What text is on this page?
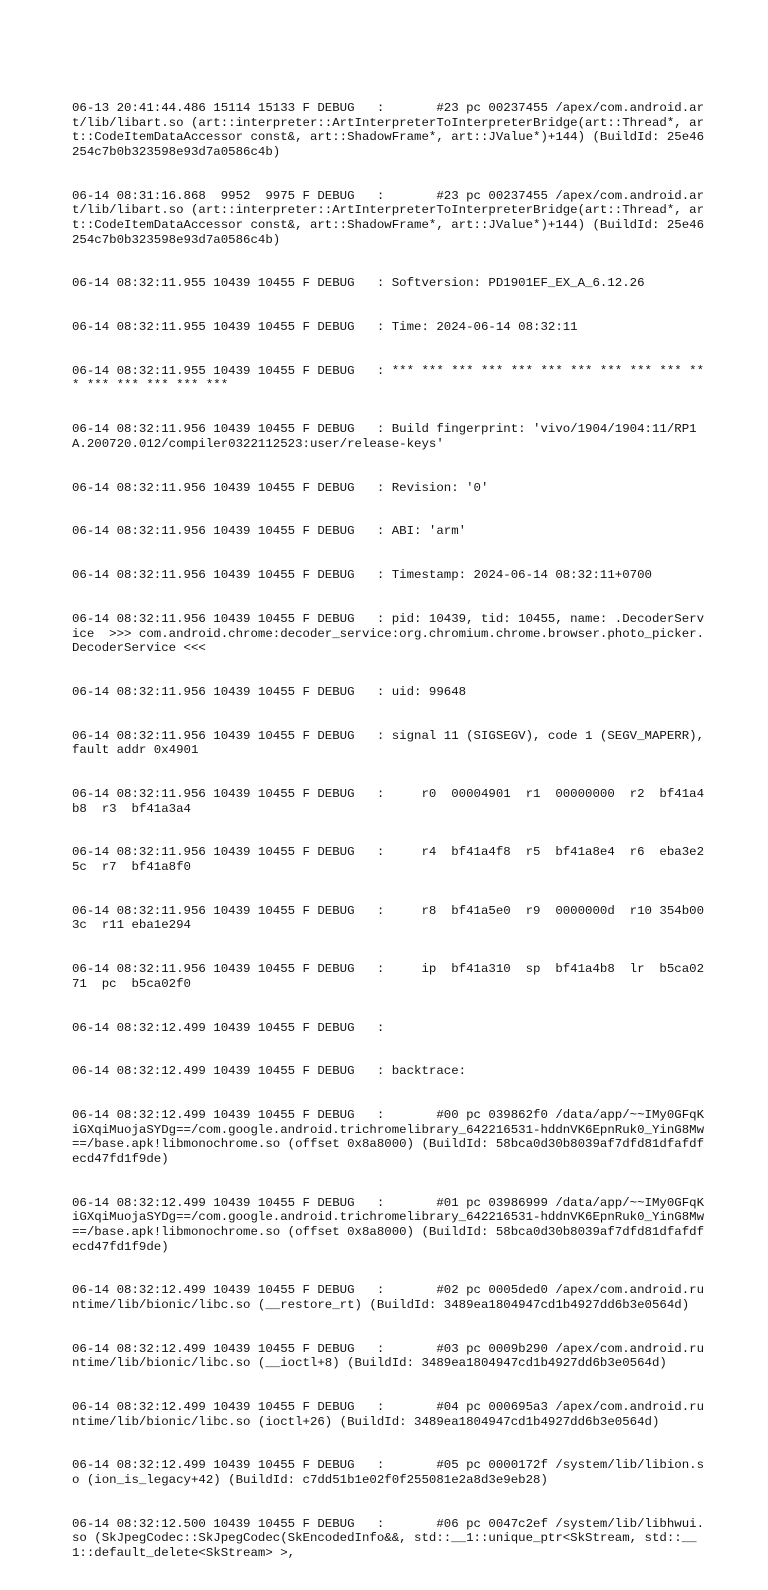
06-13 20:41:44.486 15114 15133 F DEBUG   :       #23 pc 00237455 /apex/com.android.art/lib/libart.so (art::interpreter::ArtInterpreterToInterpreterBridge(art::Thread*, art::CodeItemDataAccessor const&, art::ShadowFrame*, art::JValue*)+144) (BuildId: 25e46254c7b0b323598e93d7a0586c4b)

06-14 08:31:16.868  9952  9975 F DEBUG   :       #23 pc 00237455 /apex/com.android.art/lib/libart.so (art::interpreter::ArtInterpreterToInterpreterBridge(art::Thread*, art::CodeItemDataAccessor const&, art::ShadowFrame*, art::JValue*)+144) (BuildId: 25e46254c7b0b323598e93d7a0586c4b)

06-14 08:32:11.955 10439 10455 F DEBUG   : Softversion: PD1901EF_EX_A_6.12.26

06-14 08:32:11.955 10439 10455 F DEBUG   : Time: 2024-06-14 08:32:11

06-14 08:32:11.955 10439 10455 F DEBUG   : *** *** *** *** *** *** *** *** *** *** *** *** *** *** *** ***

06-14 08:32:11.956 10439 10455 F DEBUG   : Build fingerprint: 'vivo/1904/1904:11/RP1A.200720.012/compiler0322112523:user/release-keys'

06-14 08:32:11.956 10439 10455 F DEBUG   : Revision: '0'

06-14 08:32:11.956 10439 10455 F DEBUG   : ABI: 'arm'

06-14 08:32:11.956 10439 10455 F DEBUG   : Timestamp: 2024-06-14 08:32:11+0700

06-14 08:32:11.956 10439 10455 F DEBUG   : pid: 10439, tid: 10455, name: .DecoderService  >>> com.android.chrome:decoder_service:org.chromium.chrome.browser.photo_picker.DecoderService <<<

06-14 08:32:11.956 10439 10455 F DEBUG   : uid: 99648

06-14 08:32:11.956 10439 10455 F DEBUG   : signal 11 (SIGSEGV), code 1 (SEGV_MAPERR), fault addr 0x4901

06-14 08:32:11.956 10439 10455 F DEBUG   :     r0  00004901  r1  00000000  r2  bf41a4b8  r3  bf41a3a4

06-14 08:32:11.956 10439 10455 F DEBUG   :     r4  bf41a4f8  r5  bf41a8e4  r6  eba3e25c  r7  bf41a8f0

06-14 08:32:11.956 10439 10455 F DEBUG   :     r8  bf41a5e0  r9  0000000d  r10 354b003c  r11 eba1e294

06-14 08:32:11.956 10439 10455 F DEBUG   :     ip  bf41a310  sp  bf41a4b8  lr  b5ca0271  pc  b5ca02f0

06-14 08:32:12.499 10439 10455 F DEBUG   :

06-14 08:32:12.499 10439 10455 F DEBUG   : backtrace:

06-14 08:32:12.499 10439 10455 F DEBUG   :       #00 pc 039862f0 /data/app/~~IMy0GFqKiGXqiMuojaSYDg==/com.google.android.trichromelibrary_642216531-hddnVK6EpnRuk0_YinG8Mw==/base.apk!libmonochrome.so (offset 0x8a8000) (BuildId: 58bca0d30b8039af7dfd81dfafdfecd47fd1f9de)

06-14 08:32:12.499 10439 10455 F DEBUG   :       #01 pc 03986999 /data/app/~~IMy0GFqKiGXqiMuojaSYDg==/com.google.android.trichromelibrary_642216531-hddnVK6EpnRuk0_YinG8Mw==/base.apk!libmonochrome.so (offset 0x8a8000) (BuildId: 58bca0d30b8039af7dfd81dfafdfecd47fd1f9de)

06-14 08:32:12.499 10439 10455 F DEBUG   :       #02 pc 0005ded0 /apex/com.android.runtime/lib/bionic/libc.so (__restore_rt) (BuildId: 3489ea1804947cd1b4927dd6b3e0564d)

06-14 08:32:12.499 10439 10455 F DEBUG   :       #03 pc 0009b290 /apex/com.android.runtime/lib/bionic/libc.so (__ioctl+8) (BuildId: 3489ea1804947cd1b4927dd6b3e0564d)

06-14 08:32:12.499 10439 10455 F DEBUG   :       #04 pc 000695a3 /apex/com.android.runtime/lib/bionic/libc.so (ioctl+26) (BuildId: 3489ea1804947cd1b4927dd6b3e0564d)

06-14 08:32:12.499 10439 10455 F DEBUG   :       #05 pc 0000172f /system/lib/libion.so (ion_is_legacy+42) (BuildId: c7dd51b1e02f0f255081e2a8d3e9eb28)

06-14 08:32:12.500 10439 10455 F DEBUG   :       #06 pc 0047c2ef /system/lib/libhwui.so (SkJpegCodec::SkJpegCodec(SkEncodedInfo&&, std::__1::unique_ptr<SkStream, std::__1::default_delete<SkStream> >,
